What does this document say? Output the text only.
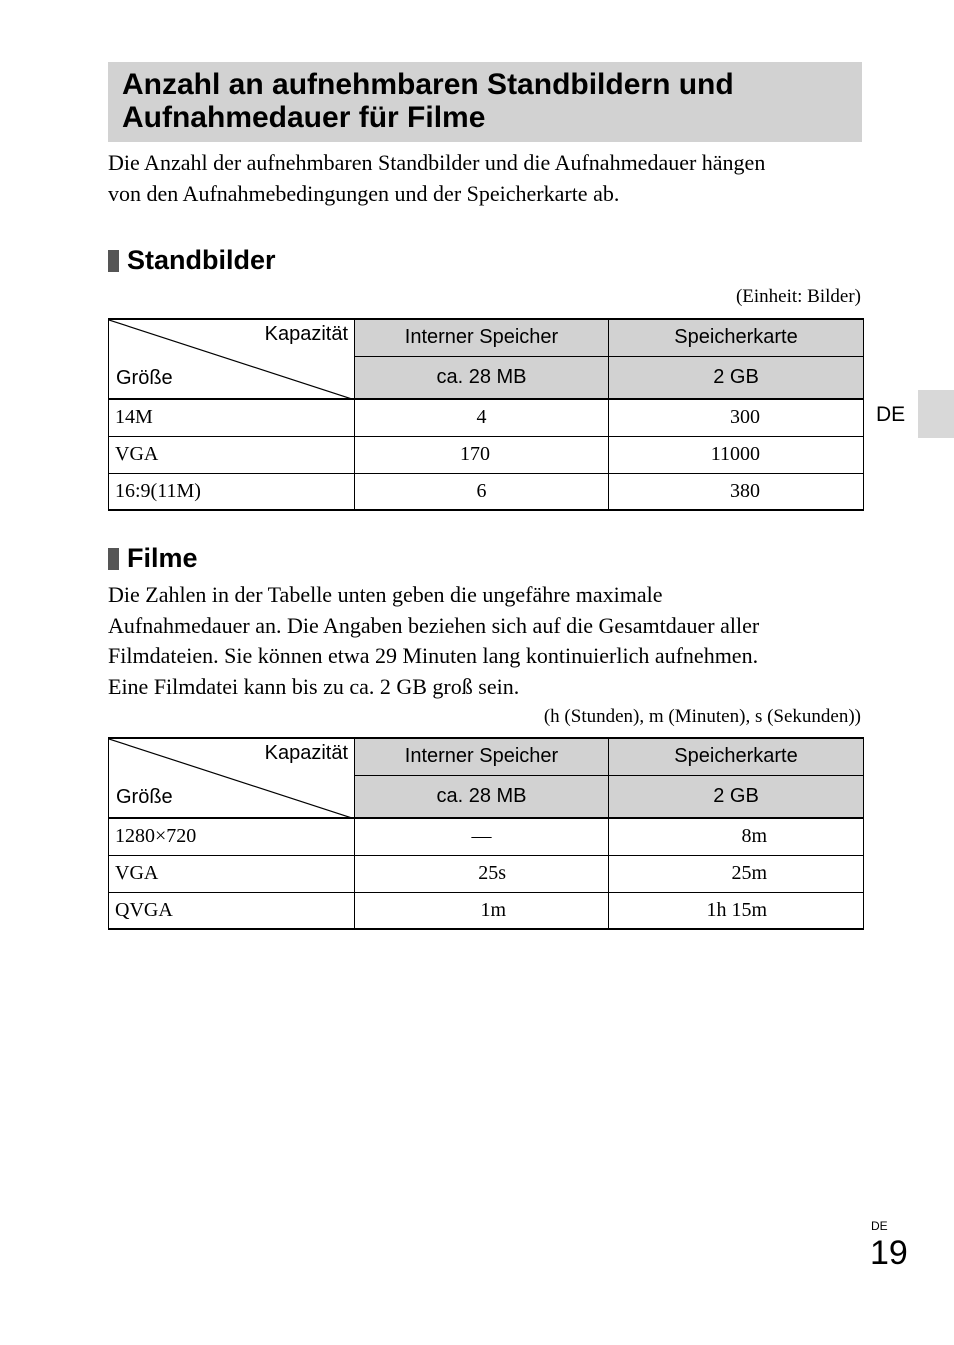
Anzahl an aufnehmbaren Standbildern und
Aufnahmedauer für Filme

Die Anzahl der aufnehmbaren Standbilder und die Aufnahmedauer hängen
von den Aufnahmebedingungen und der Speicherkarte ab.

Standbilder
(Einheit: Bilder)
Kapazität
Größe	Interner Speicher	Speicherkarte
	ca. 28 MB	2 GB
14M	4	300
VGA	170	11000
16:9(11M)	6	380
Filme

Die Zahlen in der Tabelle unten geben die ungefähre maximale
Aufnahmedauer an. Die Angaben beziehen sich auf die Gesamtdauer aller
Filmdateien. Sie können etwa 29 Minuten lang kontinuierlich aufnehmen.
Eine Filmdatei kann bis zu ca. 2 GB groß sein.

(h (Stunden), m (Minuten), s (Sekunden))
Kapazität
Größe	Interner Speicher	Speicherkarte
	ca. 28 MB	2 GB
1280×720	—	8m
VGA	25s	25m
QVGA	1m	1h 15m
DE
DE
19
